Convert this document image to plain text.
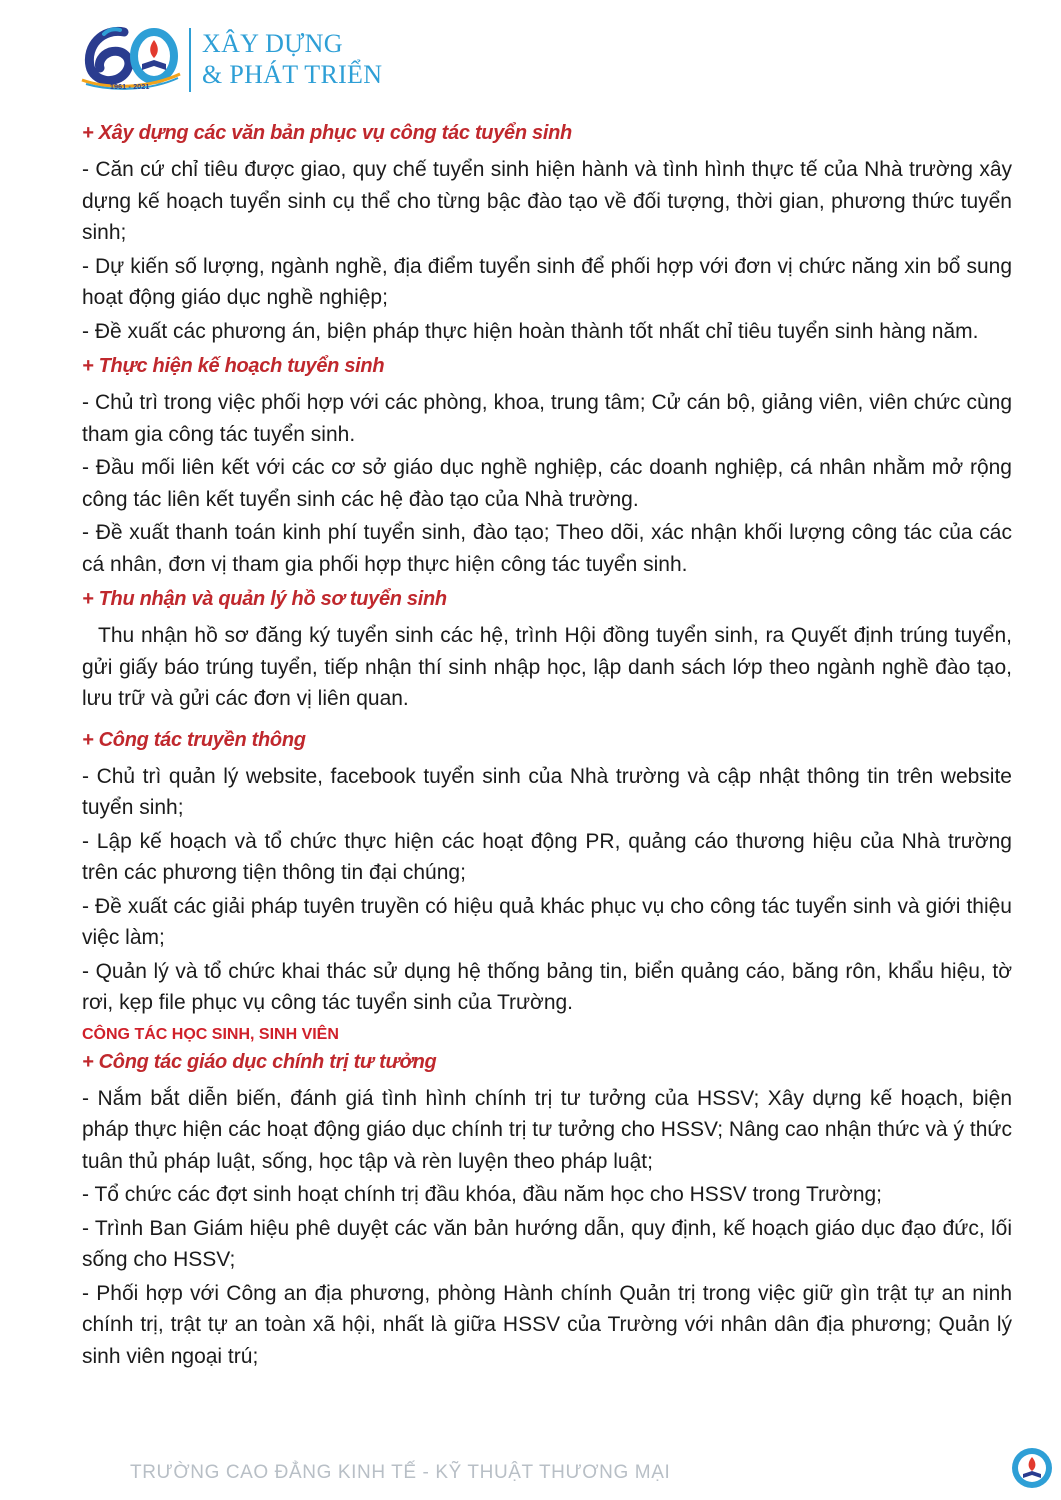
1961 - 2021
XÂY DỰNG
& PHÁT TRIỂN
+ Xây dựng các văn bản phục vụ công tác tuyển sinh

- Căn cứ chỉ tiêu được giao, quy chế tuyển sinh hiện hành và tình hình thực tế của Nhà trường xây dựng kế hoạch tuyển sinh cụ thể cho từng bậc đào tạo về đối tượng, thời gian, phương thức tuyển sinh;

- Dự kiến số lượng, ngành nghề, địa điểm tuyển sinh để phối hợp với đơn vị chức năng xin bổ sung hoạt động giáo dục nghề nghiệp;

- Đề xuất các phương án, biện pháp thực hiện hoàn thành tốt nhất chỉ tiêu tuyển sinh hàng năm.

+ Thực hiện kế hoạch tuyển sinh

- Chủ trì trong việc phối hợp với các phòng, khoa, trung tâm; Cử cán bộ, giảng viên, viên chức cùng tham gia công tác tuyển sinh.

- Đầu mối liên kết với các cơ sở giáo dục nghề nghiệp, các doanh nghiệp, cá nhân nhằm mở rộng công tác liên kết tuyển sinh các hệ đào tạo của Nhà trường.

- Đề xuất thanh toán kinh phí tuyển sinh, đào tạo; Theo dõi, xác nhận khối lượng công tác của các cá nhân, đơn vị tham gia phối hợp thực hiện công tác tuyển sinh.

+ Thu nhận và quản lý hồ sơ tuyển sinh

Thu nhận hồ sơ đăng ký tuyển sinh các hệ, trình Hội đồng tuyển sinh, ra Quyết định trúng tuyển, gửi giấy báo trúng tuyển, tiếp nhận thí sinh nhập học, lập danh sách lớp theo ngành nghề đào tạo, lưu trữ và gửi các đơn vị liên quan.

+ Công tác truyền thông

- Chủ trì quản lý website, facebook tuyển sinh của Nhà trường và cập nhật thông tin trên website tuyển sinh;

- Lập kế hoạch và tổ chức thực hiện các hoạt động PR, quảng cáo thương hiệu của Nhà trường trên các phương tiện thông tin đại chúng;

- Đề xuất các giải pháp tuyên truyền có hiệu quả khác phục vụ cho công tác tuyển sinh và giới thiệu việc làm;

- Quản lý và tổ chức khai thác sử dụng hệ thống bảng tin, biển quảng cáo, băng rôn, khẩu hiệu, tờ rơi, kẹp file phục vụ công tác tuyển sinh của Trường.

CÔNG TÁC HỌC SINH, SINH VIÊN
+ Công tác giáo dục chính trị tư tưởng

- Nắm bắt diễn biến, đánh giá tình hình chính trị tư tưởng của HSSV; Xây dựng kế hoạch, biện pháp thực hiện các hoạt động giáo dục chính trị tư tưởng cho HSSV; Nâng cao nhận thức và ý thức tuân thủ pháp luật, sống, học tập và rèn luyện theo pháp luật;

- Tổ chức các đợt sinh hoạt chính trị đầu khóa, đầu năm học cho HSSV trong Trường;

- Trình Ban Giám hiệu phê duyệt các văn bản hướng dẫn, quy định, kế hoạch giáo dục đạo đức, lối sống cho HSSV;

- Phối hợp với Công an địa phương, phòng Hành chính Quản trị trong việc giữ gìn trật tự an ninh chính trị, trật tự an toàn xã hội, nhất là giữa HSSV của Trường với nhân dân địa phương; Quản lý sinh viên ngoại trú;

TRƯỜNG CAO ĐẲNG KINH TẾ - KỸ THUẬT THƯƠNG MẠI
